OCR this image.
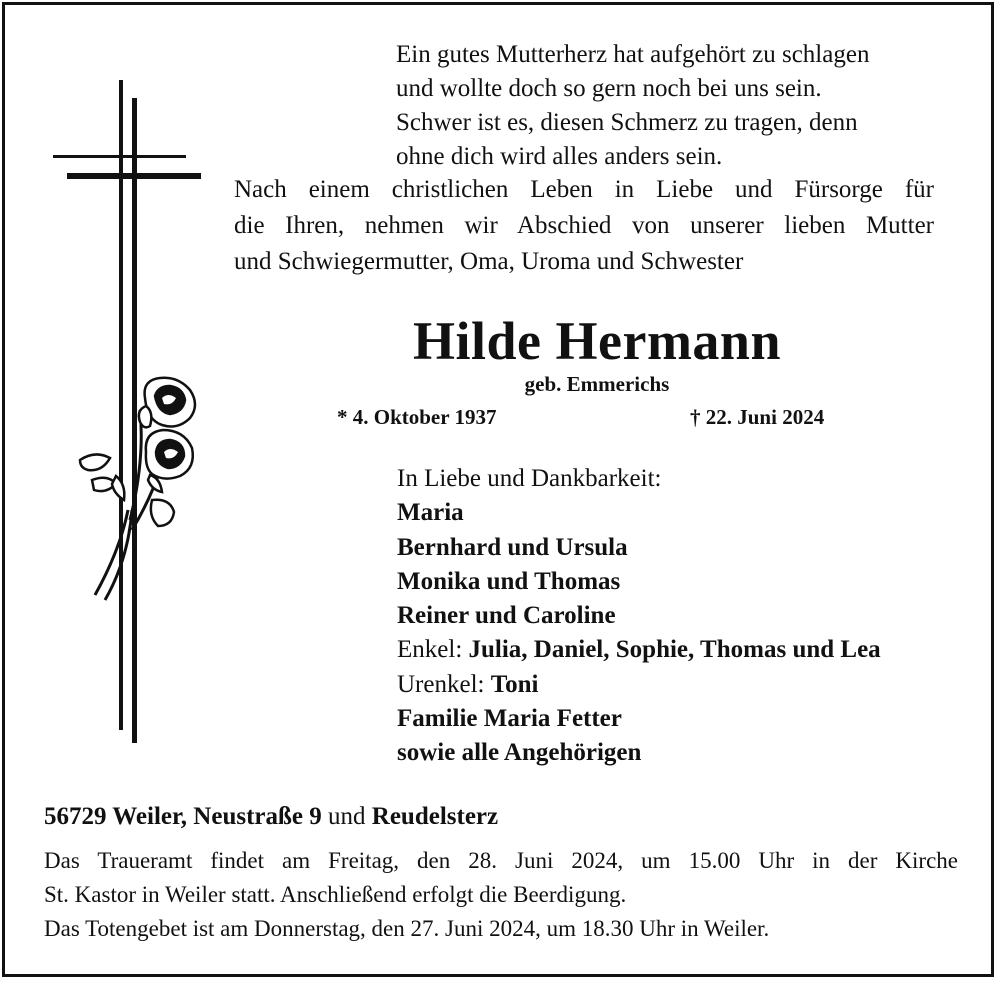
Ein gutes Mutterherz hat aufgehört zu schlagen
und wollte doch so gern noch bei uns sein.
Schwer ist es, diesen Schmerz zu tragen, denn
ohne dich wird alles anders sein.
Nach einem christlichen Leben in Liebe und Fürsorge für
die Ihren, nehmen wir Abschied von unserer lieben Mutter
und Schwiegermutter, Oma, Uroma und Schwester
Hilde Hermann
geb. Emmerichs
* 4. Oktober 1937	† 22. Juni 2024
In Liebe und Dankbarkeit:
Maria
Bernhard und Ursula
Monika und Thomas
Reiner und Caroline
Enkel: Julia, Daniel, Sophie, Thomas und Lea
Urenkel: Toni
Familie Maria Fetter
sowie alle Angehörigen
56729 Weiler, Neustraße 9 und Reudelsterz
Das Traueramt findet am Freitag, den 28. Juni 2024, um 15.00 Uhr in der Kirche
St. Kastor in Weiler statt. Anschließend erfolgt die Beerdigung.
Das Totengebet ist am Donnerstag, den 27. Juni 2024, um 18.30 Uhr in Weiler.
